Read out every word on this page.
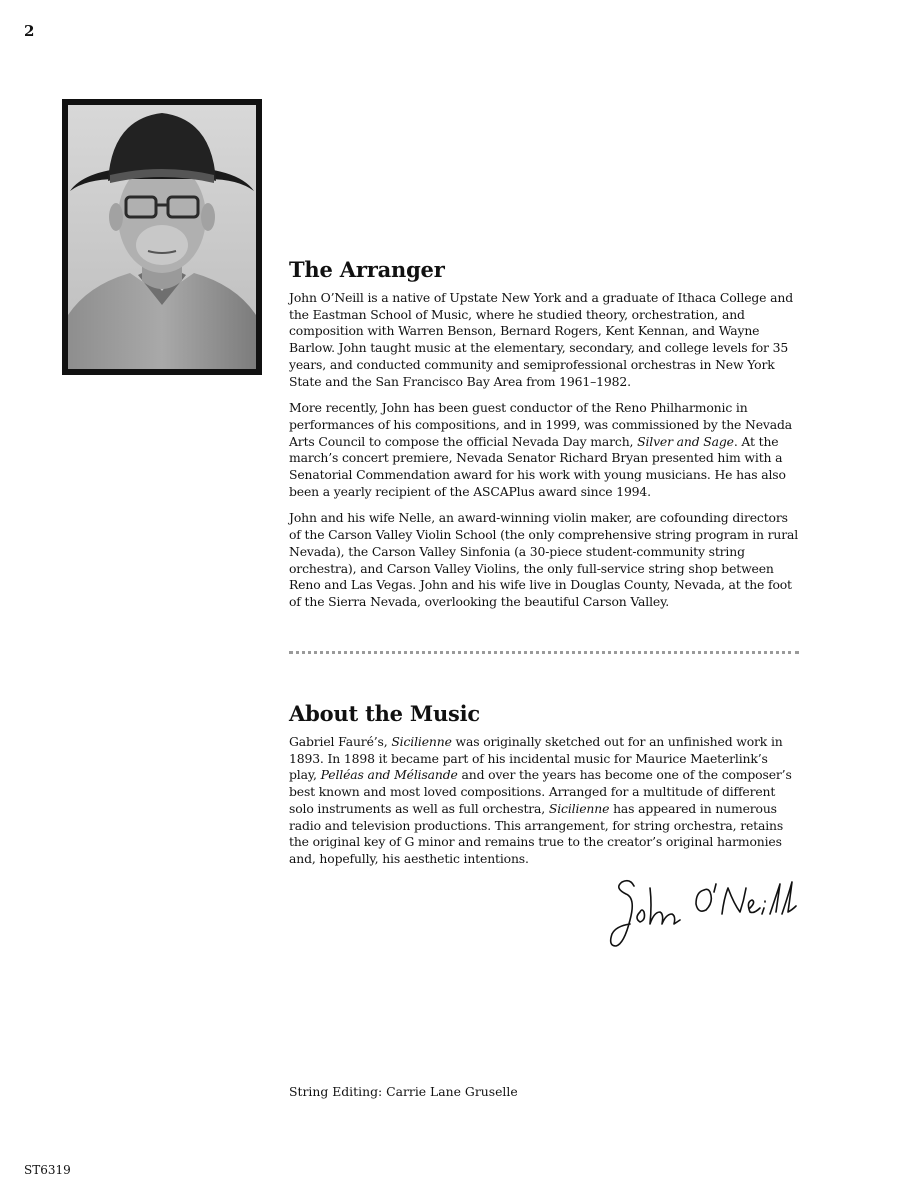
2
The Arranger

John O’Neill is a native of Upstate New York and a graduate of Ithaca College and the Eastman School of Music, where he studied theory, orchestration, and composition with Warren Benson, Bernard Rogers, Kent Kennan, and Wayne Barlow. John taught music at the elementary, secondary, and college levels for 35 years, and conducted community and semiprofessional orchestras in New York State and the San Francisco Bay Area from 1961–1982.

More recently, John has been guest conductor of the Reno Philharmonic in performances of his compositions, and in 1999, was commissioned by the Nevada Arts Council to compose the official Nevada Day march, Silver and Sage. At the march’s concert premiere, Nevada Senator Richard Bryan presented him with a Senatorial Commendation award for his work with young musicians. He has also been a yearly recipient of the ASCAPlus award since 1994.

John and his wife Nelle, an award-winning violin maker, are cofounding directors of the Carson Valley Violin School (the only comprehensive string program in rural Nevada), the Carson Valley Sinfonia (a 30-piece student-community string orchestra), and Carson Valley Violins, the only full-service string shop between Reno and Las Vegas. John and his wife live in Douglas County, Nevada, at the foot of the Sierra Nevada, overlooking the beautiful Carson Valley.

About the Music

Gabriel Fauré’s, Sicilienne was originally sketched out for an unfinished work in 1893. In 1898 it became part of his incidental music for Maurice Maeterlink’s play, Pelléas and Mélisande and over the years has become one of the composer’s best known and most loved compositions. Arranged for a multitude of different solo instruments as well as full orchestra, Sicilienne has appeared in numerous radio and television productions. This arrangement, for string orchestra, retains the original key of G minor and remains true to the creator’s original harmonies and, hopefully, his aesthetic intentions.

String Editing: Carrie Lane Gruselle
ST6319
